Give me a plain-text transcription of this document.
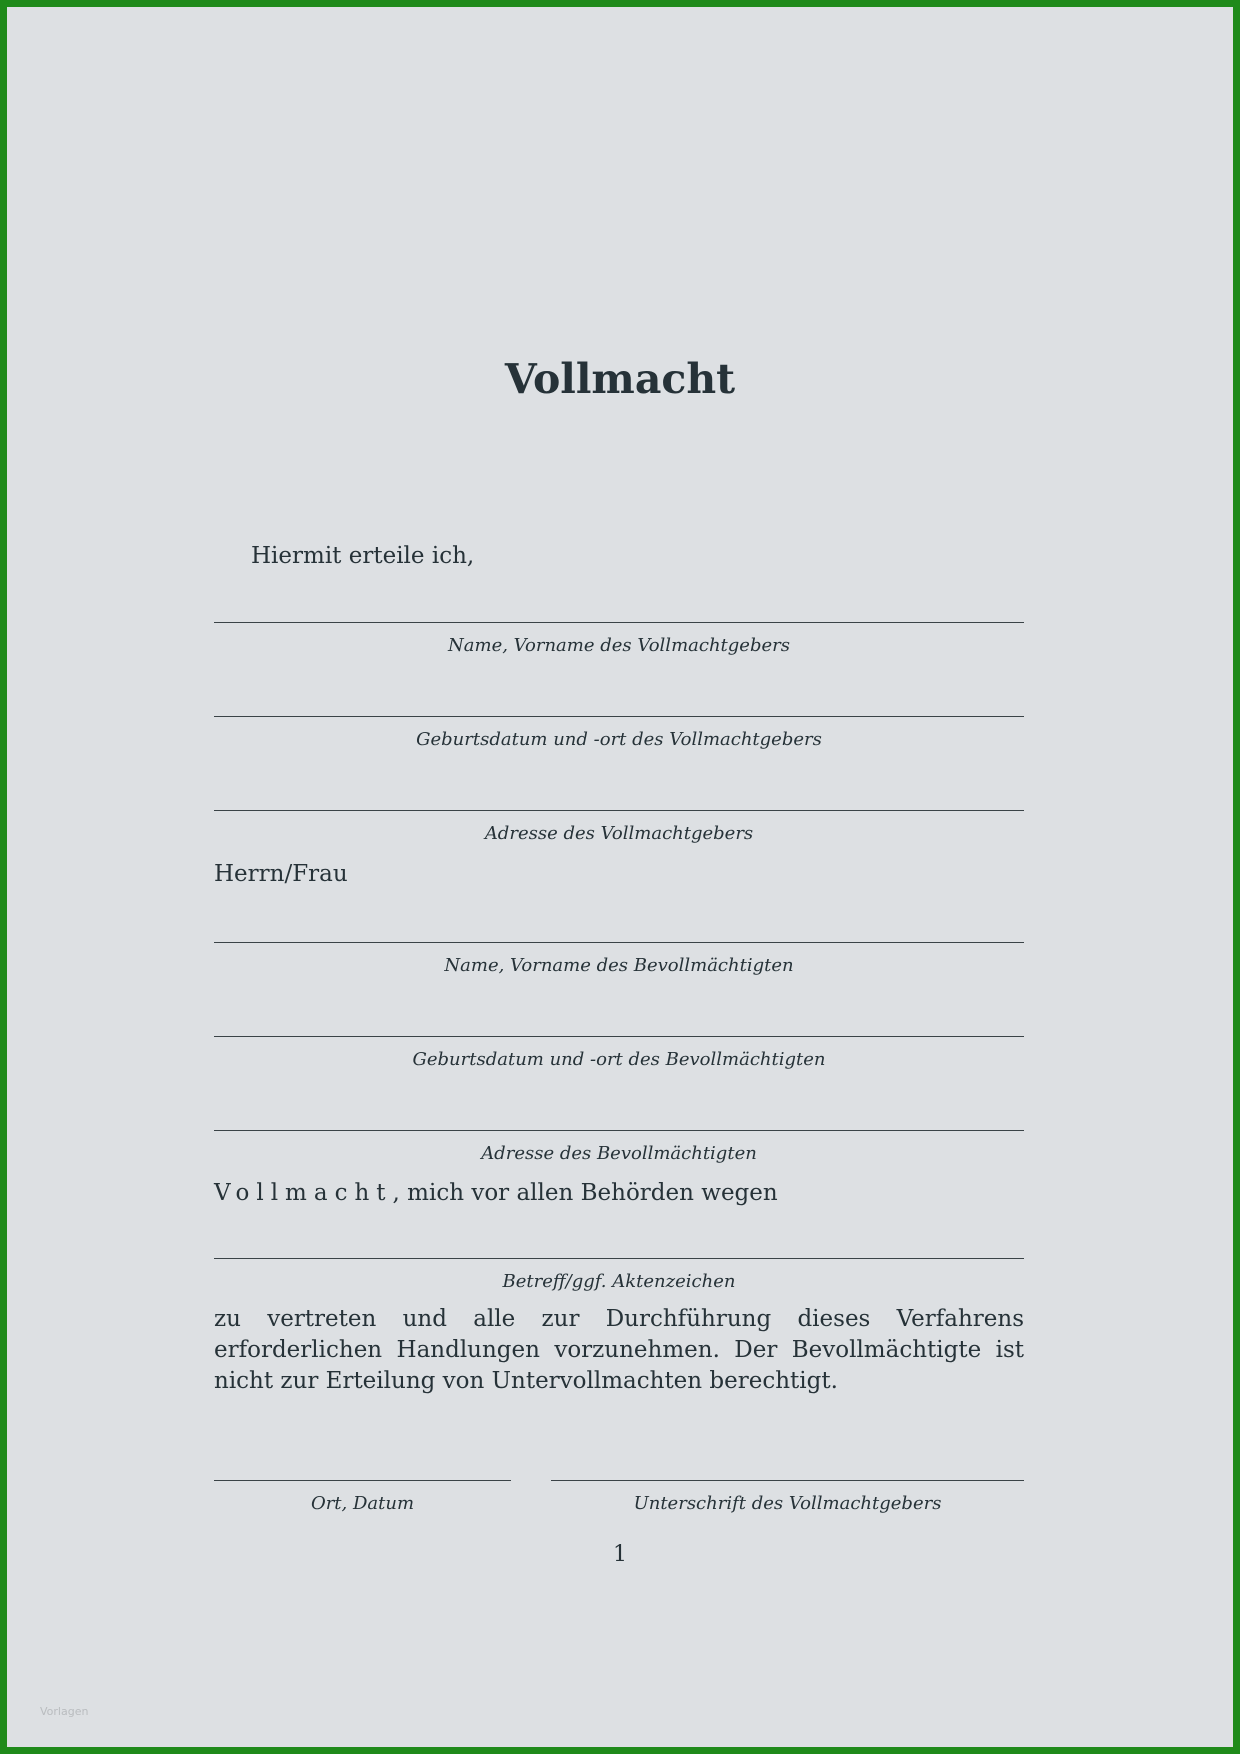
Vollmacht
Hiermit erteile ich,
Name, Vorname des Vollmachtgebers
Geburtsdatum und -ort des Vollmachtgebers
Adresse des Vollmachtgebers
Herrn/Frau
Name, Vorname des Bevollmächtigten
Geburtsdatum und -ort des Bevollmächtigten
Adresse des Bevollmächtigten
Vollmacht, mich vor allen Behörden wegen
Betreff/ggf. Aktenzeichen

zu vertreten und alle zur Durchführung dieses Verfahrens erforderlichen Handlungen vorzunehmen. Der Bevollmächtigte ist nicht zur Erteilung von Untervollmachten berechtigt.

Ort, Datum	Unterschrift des Vollmachtgebers
1
Vorlagen
